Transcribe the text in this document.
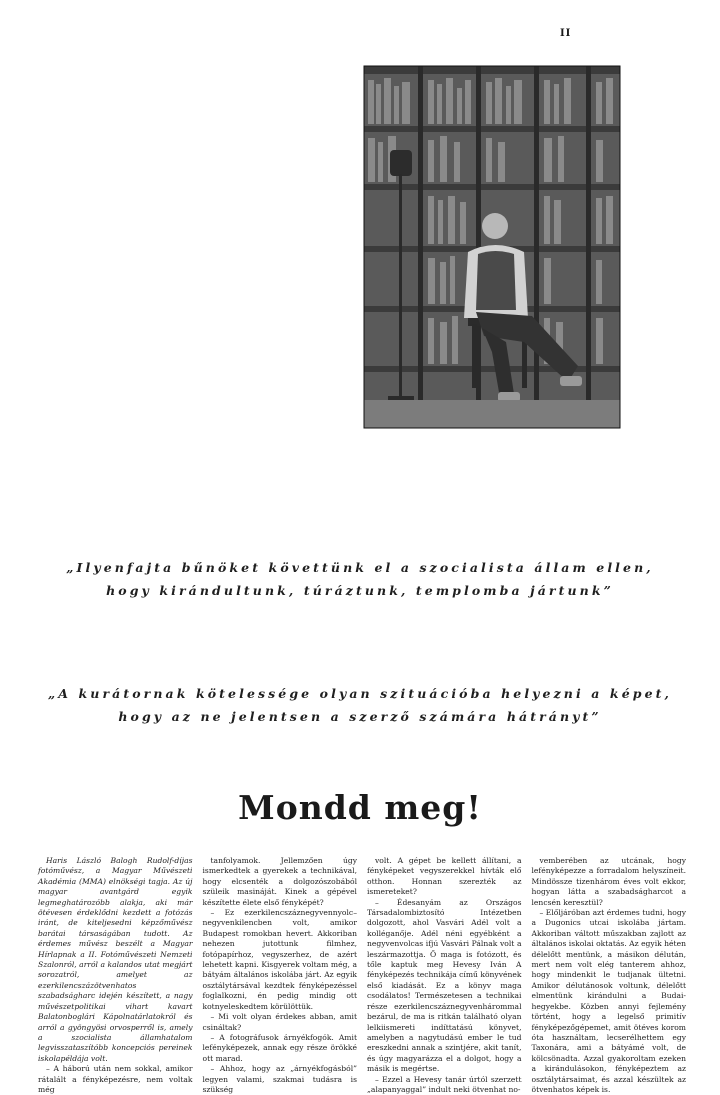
II
„Ilyenfajta bűnöket követtünk el a szocialista állam ellen, hogy kirándultunk, túráztunk, templomba jártunk”
„A kurátornak kötelessége olyan szituációba helyezni a képet, hogy az ne jelentsen a szerző számára hátrányt”
Mondd meg!

Haris László Balogh Rudolf-díjas fotóművész, a Magyar Művészeti Akadémia (MMA) elnökségi tagja. Az új magyar avantgárd egyik legmeghatározóbb alakja, aki már ötévesen érdeklődni kezdett a fotózás iránt, de kiteljesedni képzőművész barátai társaságában tudott. Az érdemes művész beszélt a Magyar Hírlapnak a II. Fotóművészeti Nemzeti Szalonról, arról a kalandos utat megjárt sorozatról, amelyet az ezerkilencszázötvenhatos szabadságharc idején készített, a nagy művészetpolitikai vihart kavart Balatonboglári Kápolnatárlatokról és arról a gyöngyösi orvosperről is, amely a szocialista államhatalom legvisszataszítóbb koncepciós pereinek iskolapéldája volt.

– A háború után nem sokkal, amikor rátalált a fényképezésre, nem voltak még

tanfolyamok. Jellemzően úgy ismerkedtek a gyerekek a technikával, hogy elcsenték a dolgozószobából szüleik masináját. Kinek a gépével készítette élete első fényképét?

– Ez ezerkilencszáznegyvennyolc–negyvenkilencben volt, amikor Budapest romokban hevert. Akkoriban nehezen jutottunk filmhez, fotópapírhoz, vegyszerhez, de azért lehetett kapni. Kisgyerek voltam még, a bátyám általános iskolába járt. Az egyik osztálytársával kezdtek fényképezéssel foglalkozni, én pedig mindig ott kotnyeleskedtem körülöttük.

– Mi volt olyan érdekes abban, amit csináltak?

– A fotográfusok árnyékfogók. Amit lefényképezek, annak egy része örökké ott marad.

– Ahhoz, hogy az „árnyékfogásból” legyen valami, szakmai tudásra is szükség

volt. A gépet be kellett állítani, a fényképeket vegyszerekkel hívták elő otthon. Honnan szerezték az ismereteket?

– Édesanyám az Országos Társadalombiztosító Intézetben dolgozott, ahol Vasvári Adél volt a kolléganője. Adél néni egyébként a negyvenvolcas ifjú Vasvári Pálnak volt a leszármazottja. Ő maga is fotózott, és tőle kaptuk meg Hevesy Iván A fényképezés technikája című könyvének első kiadását. Ez a könyv maga csodálatos! Természetesen a technikai része ezerkilencszáznegyvenhárommal bezárul, de ma is ritkán található olyan lelkiismereti indíttatású könyvet, amelyben a nagytudású ember le tud ereszkedni annak a szintjére, akit tanít, és úgy magyarázza el a dolgot, hogy a másik is megértse.

– Ezzel a Hevesy tanár úrtól szerzett „alapanyaggal” indult neki ötvenhat no-

vemberében az utcának, hogy lefényképezze a forradalom helyszíneit. Mindössze tizenhárom éves volt ekkor, hogyan látta a szabadságharcot a lencsén keresztül?

– Előljáróban azt érdemes tudni, hogy a Dugonics utcai iskolába jártam. Akkoriban váltott műszakban zajlott az általános iskolai oktatás. Az egyik héten délelőtt mentünk, a másikon délután, mert nem volt elég tanterem ahhoz, hogy mindenkit le tudjanak ültetni. Amikor délutánosok voltunk, délelőtt elmentünk kirándulni a Budai-hegyekbe. Közben annyi fejlemény történt, hogy a legelső primitív fényképezőgépemet, amit ötéves korom óta használtam, lecserélhettem egy Taxonára, ami a bátyámé volt, de kölcsönadta. Azzal gyakoroltam ezeken a kirándulásokon, fényképeztem az osztálytársaimat, és azzal készültek az ötvenhatos képek is.
